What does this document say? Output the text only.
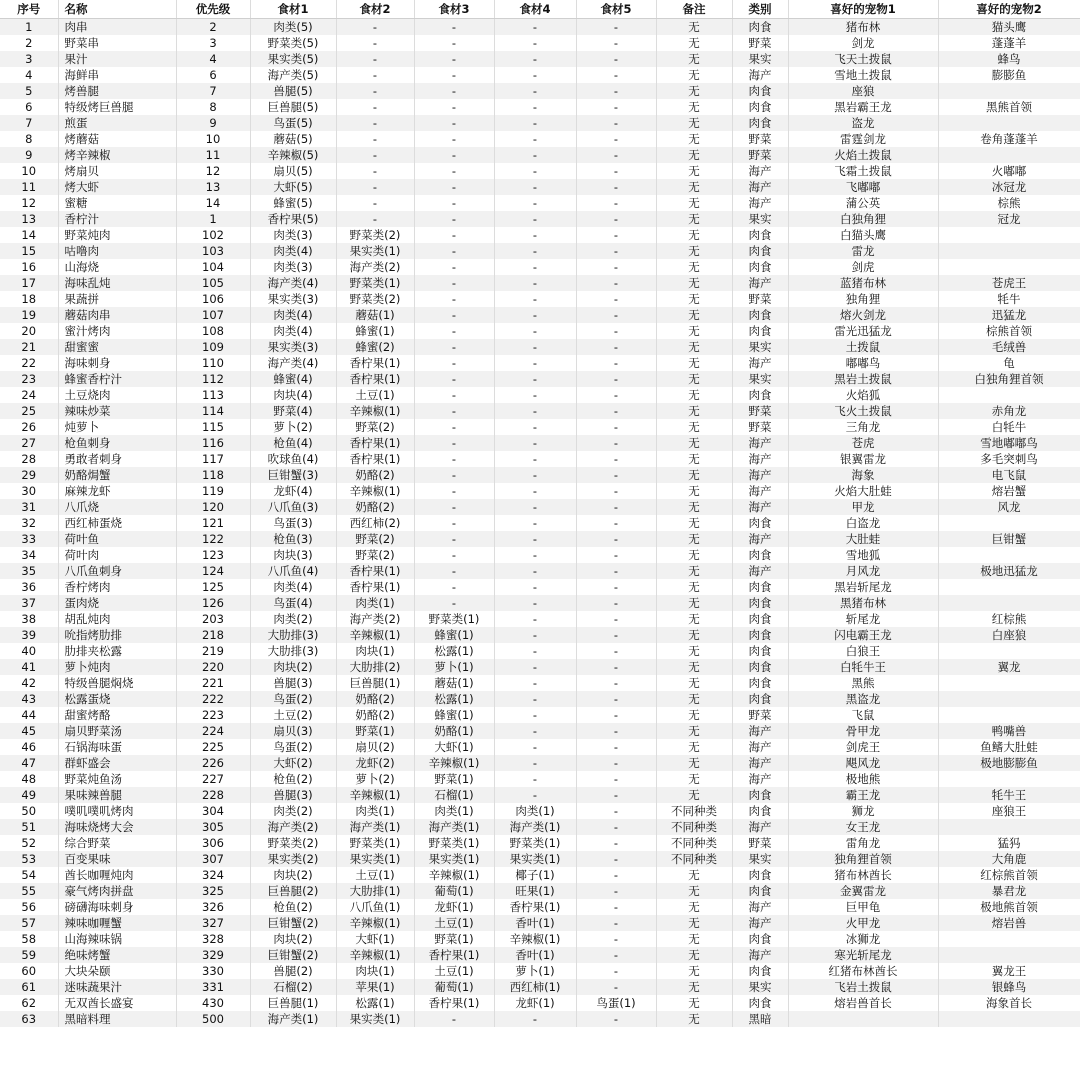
序号	名称	优先级	食材1	食材2	食材3	食材4	食材5	备注	类别	喜好的宠物1	喜好的宠物2
1	肉串	2	肉类(5)	-	-	-	-	无	肉食	猪布林	猫头鹰
2	野菜串	3	野菜类(5)	-	-	-	-	无	野菜	剑龙	蓬蓬羊
3	果汁	4	果实类(5)	-	-	-	-	无	果实	飞天土拨鼠	蜂鸟
4	海鲜串	6	海产类(5)	-	-	-	-	无	海产	雪地土拨鼠	膨膨鱼
5	烤兽腿	7	兽腿(5)	-	-	-	-	无	肉食	座狼	
6	特级烤巨兽腿	8	巨兽腿(5)	-	-	-	-	无	肉食	黑岩霸王龙	黑熊首领
7	煎蛋	9	鸟蛋(5)	-	-	-	-	无	肉食	盗龙	
8	烤蘑菇	10	蘑菇(5)	-	-	-	-	无	野菜	雷霆剑龙	卷角蓬蓬羊
9	烤辛辣椒	11	辛辣椒(5)	-	-	-	-	无	野菜	火焰土拨鼠	
10	烤扇贝	12	扇贝(5)	-	-	-	-	无	海产	飞霜土拨鼠	火嘟嘟
11	烤大虾	13	大虾(5)	-	-	-	-	无	海产	飞嘟嘟	冰冠龙
12	蜜糖	14	蜂蜜(5)	-	-	-	-	无	海产	蒲公英	棕熊
13	香柠汁	1	香柠果(5)	-	-	-	-	无	果实	白独角狸	冠龙
14	野菜炖肉	102	肉类(3)	野菜类(2)	-	-	-	无	肉食	白猫头鹰	
15	咕噜肉	103	肉类(4)	果实类(1)	-	-	-	无	肉食	雷龙	
16	山海烧	104	肉类(3)	海产类(2)	-	-	-	无	肉食	剑虎	
17	海味乱炖	105	海产类(4)	野菜类(1)	-	-	-	无	海产	蓝猪布林	苍虎王
18	果蔬拼	106	果实类(3)	野菜类(2)	-	-	-	无	野菜	独角狸	牦牛
19	蘑菇肉串	107	肉类(4)	蘑菇(1)	-	-	-	无	肉食	熔火剑龙	迅猛龙
20	蜜汁烤肉	108	肉类(4)	蜂蜜(1)	-	-	-	无	肉食	雷光迅猛龙	棕熊首领
21	甜蜜蜜	109	果实类(3)	蜂蜜(2)	-	-	-	无	果实	土拨鼠	毛绒兽
22	海味刺身	110	海产类(4)	香柠果(1)	-	-	-	无	海产	嘟嘟鸟	龟
23	蜂蜜香柠汁	112	蜂蜜(4)	香柠果(1)	-	-	-	无	果实	黑岩土拨鼠	白独角狸首领
24	土豆烧肉	113	肉块(4)	土豆(1)	-	-	-	无	肉食	火焰狐	
25	辣味炒菜	114	野菜(4)	辛辣椒(1)	-	-	-	无	野菜	飞火土拨鼠	赤角龙
26	炖萝卜	115	萝卜(2)	野菜(2)	-	-	-	无	野菜	三角龙	白牦牛
27	枪鱼刺身	116	枪鱼(4)	香柠果(1)	-	-	-	无	海产	苍虎	雪地嘟嘟鸟
28	勇敢者刺身	117	吹球鱼(4)	香柠果(1)	-	-	-	无	海产	银翼雷龙	多毛突刺鸟
29	奶酪焗蟹	118	巨钳蟹(3)	奶酪(2)	-	-	-	无	海产	海象	电飞鼠
30	麻辣龙虾	119	龙虾(4)	辛辣椒(1)	-	-	-	无	海产	火焰大肚蛙	熔岩蟹
31	八爪烧	120	八爪鱼(3)	奶酪(2)	-	-	-	无	海产	甲龙	风龙
32	西红柿蛋烧	121	鸟蛋(3)	西红柿(2)	-	-	-	无	肉食	白盗龙	
33	荷叶鱼	122	枪鱼(3)	野菜(2)	-	-	-	无	海产	大肚蛙	巨钳蟹
34	荷叶肉	123	肉块(3)	野菜(2)	-	-	-	无	肉食	雪地狐	
35	八爪鱼刺身	124	八爪鱼(4)	香柠果(1)	-	-	-	无	海产	月风龙	极地迅猛龙
36	香柠烤肉	125	肉类(4)	香柠果(1)	-	-	-	无	肉食	黑岩斩尾龙	
37	蛋肉烧	126	鸟蛋(4)	肉类(1)	-	-	-	无	肉食	黑猪布林	
38	胡乱炖肉	203	肉类(2)	海产类(2)	野菜类(1)	-	-	无	肉食	斩尾龙	红棕熊
39	吮指烤肋排	218	大肋排(3)	辛辣椒(1)	蜂蜜(1)	-	-	无	肉食	闪电霸王龙	白座狼
40	肋排夹松露	219	大肋排(3)	肉块(1)	松露(1)	-	-	无	肉食	白狼王	
41	萝卜炖肉	220	肉块(2)	大肋排(2)	萝卜(1)	-	-	无	肉食	白牦牛王	翼龙
42	特级兽腿焖烧	221	兽腿(3)	巨兽腿(1)	蘑菇(1)	-	-	无	肉食	黑熊	
43	松露蛋烧	222	鸟蛋(2)	奶酪(2)	松露(1)	-	-	无	肉食	黑盗龙	
44	甜蜜烤酪	223	土豆(2)	奶酪(2)	蜂蜜(1)	-	-	无	野菜	飞鼠	
45	扇贝野菜汤	224	扇贝(3)	野菜(1)	奶酪(1)	-	-	无	海产	骨甲龙	鸭嘴兽
46	石锅海味蛋	225	鸟蛋(2)	扇贝(2)	大虾(1)	-	-	无	海产	剑虎王	鱼鳍大肚蛙
47	群虾盛会	226	大虾(2)	龙虾(2)	辛辣椒(1)	-	-	无	海产	飓风龙	极地膨膨鱼
48	野菜炖鱼汤	227	枪鱼(2)	萝卜(2)	野菜(1)	-	-	无	海产	极地熊	
49	果味辣兽腿	228	兽腿(3)	辛辣椒(1)	石榴(1)	-	-	无	肉食	霸王龙	牦牛王
50	噗叽噗叽烤肉	304	肉类(2)	肉类(1)	肉类(1)	肉类(1)	-	不同种类	肉食	狮龙	座狼王
51	海味烧烤大会	305	海产类(2)	海产类(1)	海产类(1)	海产类(1)	-	不同种类	海产	女王龙	
52	综合野菜	306	野菜类(2)	野菜类(1)	野菜类(1)	野菜类(1)	-	不同种类	野菜	雷角龙	猛犸
53	百变果味	307	果实类(2)	果实类(1)	果实类(1)	果实类(1)	-	不同种类	果实	独角狸首领	大角鹿
54	酋长咖喱炖肉	324	肉块(2)	土豆(1)	辛辣椒(1)	椰子(1)	-	无	肉食	猪布林酋长	红棕熊首领
55	豪气烤肉拼盘	325	巨兽腿(2)	大肋排(1)	葡萄(1)	旺果(1)	-	无	肉食	金翼雷龙	暴君龙
56	磅礴海味刺身	326	枪鱼(2)	八爪鱼(1)	龙虾(1)	香柠果(1)	-	无	海产	巨甲龟	极地熊首领
57	辣味咖喱蟹	327	巨钳蟹(2)	辛辣椒(1)	土豆(1)	香叶(1)	-	无	海产	火甲龙	熔岩兽
58	山海辣味锅	328	肉块(2)	大虾(1)	野菜(1)	辛辣椒(1)	-	无	肉食	冰狮龙	
59	绝味烤蟹	329	巨钳蟹(2)	辛辣椒(1)	香柠果(1)	香叶(1)	-	无	海产	寒光斩尾龙	
60	大块朵颐	330	兽腿(2)	肉块(1)	土豆(1)	萝卜(1)	-	无	肉食	红猪布林酋长	翼龙王
61	迷味蔬果汁	331	石榴(2)	苹果(1)	葡萄(1)	西红柿(1)	-	无	果实	飞岩土拨鼠	银蜂鸟
62	无双酋长盛宴	430	巨兽腿(1)	松露(1)	香柠果(1)	龙虾(1)	鸟蛋(1)	无	肉食	熔岩兽首长	海象首长
63	黑暗料理	500	海产类(1)	果实类(1)	-	-	-	无	黑暗		
